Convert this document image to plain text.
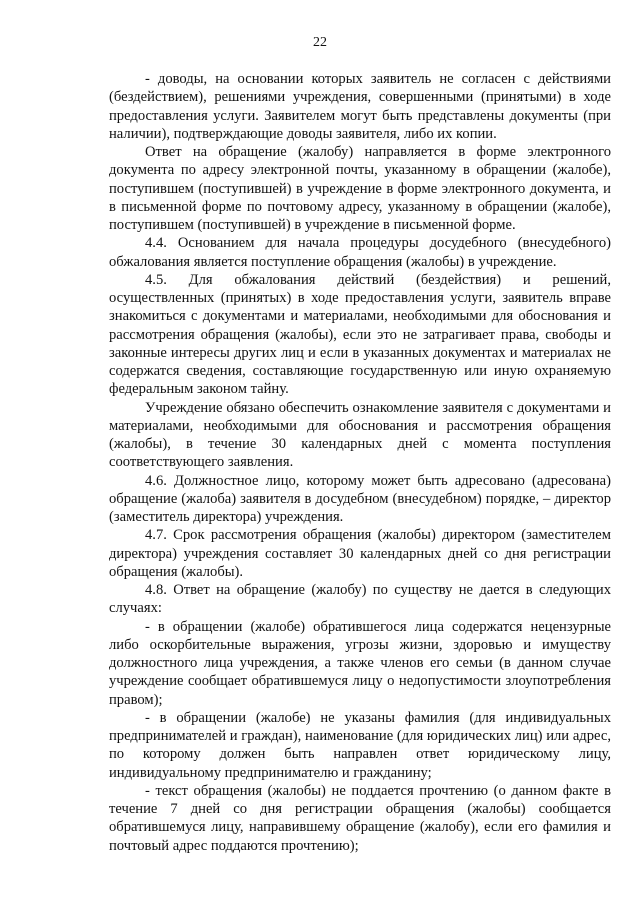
22

- доводы, на основании которых заявитель не согласен с действиями (бездействием), решениями учреждения, совершенными (принятыми) в ходе предоставления услуги. Заявителем могут быть представлены документы (при наличии), подтверждающие доводы заявителя, либо их копии.

Ответ на обращение (жалобу) направляется в форме электронного документа по адресу электронной почты, указанному в обращении (жалобе), поступившем (поступившей) в учреждение в форме электронного документа, и в письменной форме по почтовому адресу, указанному в обращении (жалобе), поступившем (поступившей) в учреждение в письменной форме.

4.4. Основанием для начала процедуры досудебного (внесудебного) обжалования является поступление обращения (жалобы) в учреждение.

4.5. Для обжалования действий (бездействия) и решений, осуществленных (принятых) в ходе предоставления услуги, заявитель вправе знакомиться с документами и материалами, необходимыми для обоснования и рассмотрения обращения (жалобы), если это не затрагивает права, свободы и законные интересы других лиц и если в указанных документах и материалах не содержатся сведения, составляющие государственную или иную охраняемую федеральным законом тайну.

Учреждение обязано обеспечить ознакомление заявителя с документами и материалами, необходимыми для обоснования и рассмотрения обращения (жалобы), в течение 30 календарных дней с момента поступления соответствующего заявления.

4.6. Должностное лицо, которому может быть адресовано (адресована) обращение (жалоба) заявителя в досудебном (внесудебном) порядке, – директор (заместитель директора) учреждения.

4.7. Срок рассмотрения обращения (жалобы) директором (заместителем директора) учреждения составляет 30 календарных дней со дня регистрации обращения (жалобы).

4.8. Ответ на обращение (жалобу) по существу не дается в следующих случаях:

- в обращении (жалобе) обратившегося лица содержатся нецензурные либо оскорбительные выражения, угрозы жизни, здоровью и имуществу должностного лица учреждения, а также членов его семьи (в данном случае учреждение сообщает обратившемуся лицу о недопустимости злоупотребления правом);

- в обращении (жалобе) не указаны фамилия (для индивидуальных предпринимателей и граждан), наименование (для юридических лиц) или адрес, по которому должен быть направлен ответ юридическому лицу, индивидуальному предпринимателю и гражданину;

- текст обращения (жалобы) не поддается прочтению (о данном факте в течение 7 дней со дня регистрации обращения (жалобы) сообщается обратившемуся лицу, направившему обращение (жалобу), если его фамилия и почтовый адрес поддаются прочтению);
